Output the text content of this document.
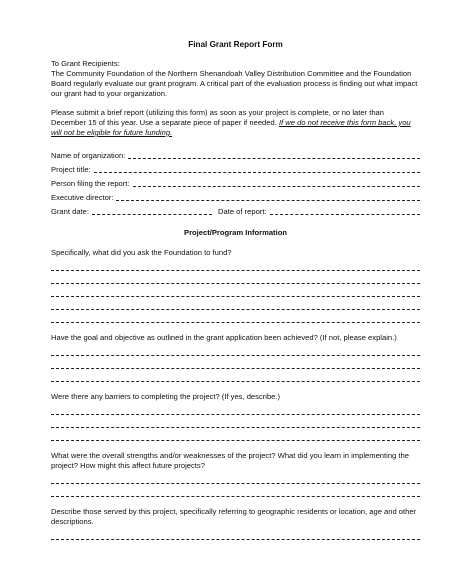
Final Grant Report Form

To Grant Recipients:

The Community Foundation of the Northern Shenandoah Valley Distribution Committee and the Foundation Board regularly evaluate our grant program. A critical part of the evaluation process is finding out what impact our grant had to your organization.

Please submit a brief report (utilizing this form) as soon as your project is complete, or no later than December 15 of this year. Use a separate piece of paper if needed. If we do not receive this form back, you will not be eligible for future funding.

Name of organization:
Project title:
Person filing the report:
Executive director:
Grant date:	Date of report:
Project/Program Information

Specifically, what did you ask the Foundation to fund?

Have the goal and objective as outlined in the grant application been achieved? (If not, please explain.)

Were there any barriers to completing the project? (If yes, describe.)

What were the overall strengths and/or weaknesses of the project? What did you learn in implementing the project? How might this affect future projects?

Describe those served by this project, specifically referring to geographic residents or location, age and other descriptions.
